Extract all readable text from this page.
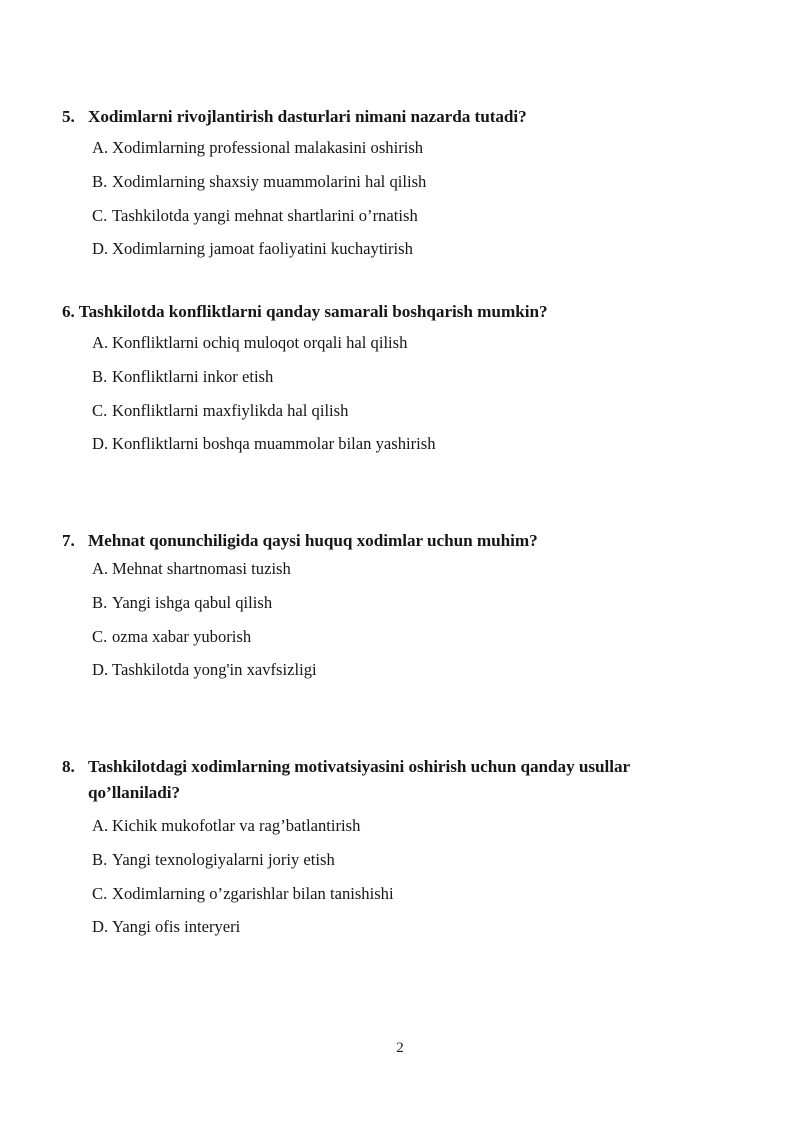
5. Xodimlarni rivojlantirish dasturlari nimani nazarda tutadi?
A. Xodimlarning professional malakasini oshirish
B. Xodimlarning shaxsiy muammolarini hal qilish
C. Tashkilotda yangi mehnat shartlarini o’rnatish
D. Xodimlarning jamoat faoliyatini kuchaytirish
6. Tashkilotda konfliktlarni qanday samarali boshqarish mumkin?
A. Konfliktlarni ochiq muloqot orqali hal qilish
B. Konfliktlarni inkor etish
C. Konfliktlarni maxfiylikda hal qilish
D. Konfliktlarni boshqa muammolar bilan yashirish
7. Mehnat qonunchiligida qaysi huquq xodimlar uchun muhim?
A. Mehnat shartnomasi tuzish
B. Yangi ishga qabul qilish
C. ozma xabar yuborish
D. Tashkilotda yong'in xavfsizligi
8. Tashkilotdagi xodimlarning motivatsiyasini oshirish uchun qanday usullar qo’llaniladi?
A. Kichik mukofotlar va rag’batlantirish
B. Yangi texnologiyalarni joriy etish
C. Xodimlarning o’zgarishlar bilan tanishishi
D. Yangi ofis interyeri
2
